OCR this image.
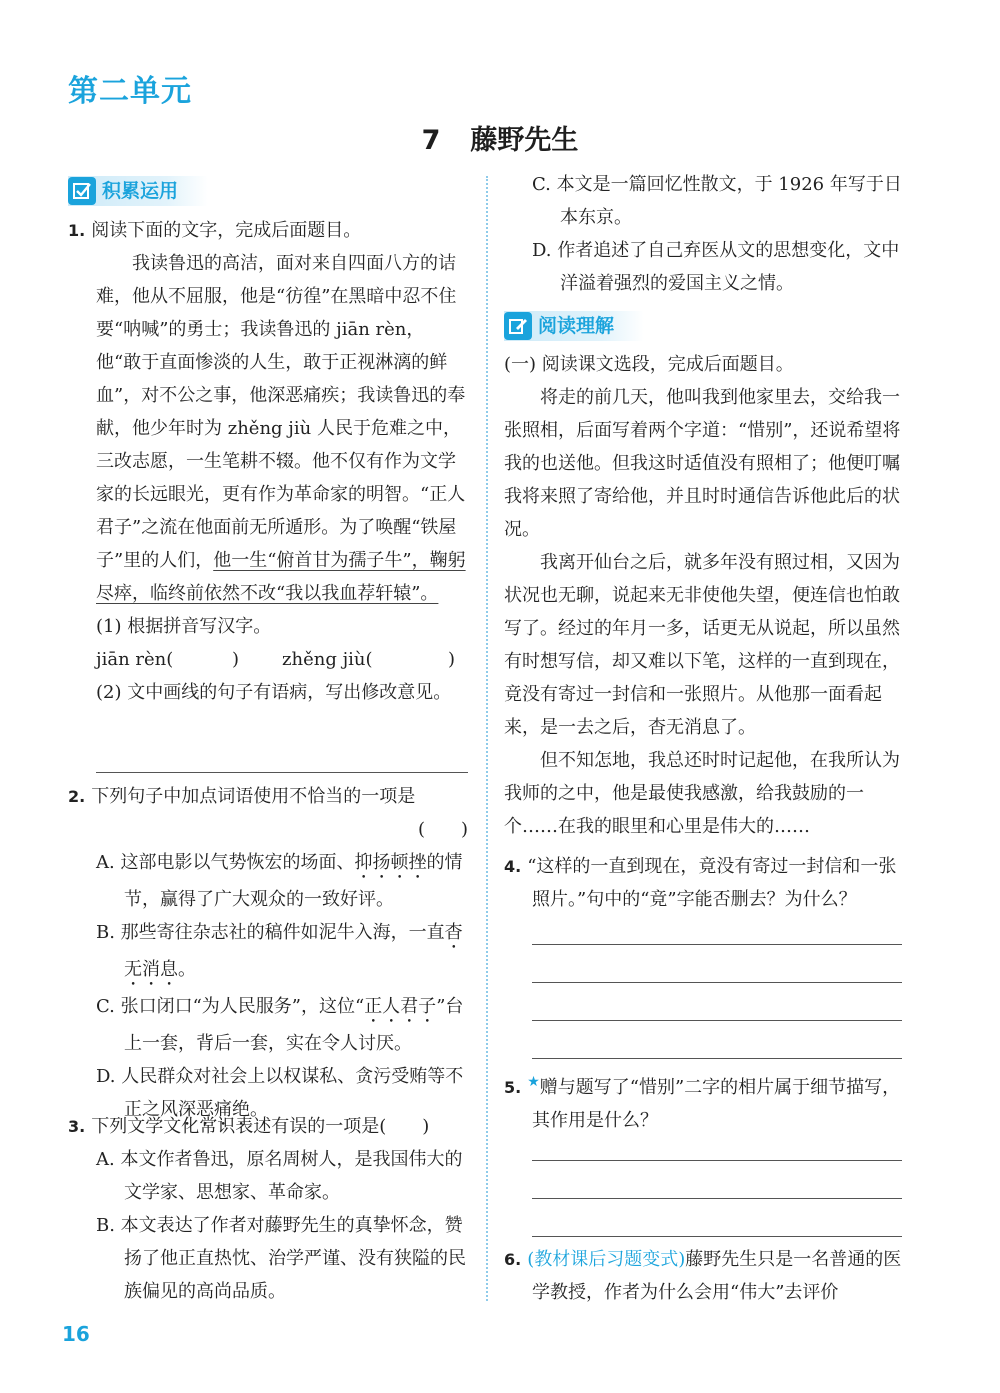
第二单元
7 藤野先生
积累运用
1. 阅读下面的文字，完成后面题目。
我读鲁迅的高洁，面对来自四面八方的诘难，他从不屈服，他是“彷徨”在黑暗中忍不住要“呐喊”的勇士；我读鲁迅的 jiān rèn，他“敢于直面惨淡的人生，敢于正视淋漓的鲜血”，对不公之事，他深恶痛疾；我读鲁迅的奉献，他少年时为 zhěng jiù 人民于危难之中，三改志愿，一生笔耕不辍。他不仅有作为文学家的长远眼光，更有作为革命家的明智。“正人君子”之流在他面前无所遁形。为了唤醒“铁屋子”里的人们，他一生“俯首甘为孺子牛”，鞠躬尽瘁，临终前依然不改“我以我血荐轩辕”。
(1) 根据拼音写汉字。
jiān rèn(	) zhěng jiù(	)
(2) 文中画线的句子有语病，写出修改意见。
2. 下列句子中加点词语使用不恰当的一项是
(　　)
A. 这部电影以气势恢宏的场面、抑扬顿挫的情节，赢得了广大观众的一致好评。
B. 那些寄往杂志社的稿件如泥牛入海，一直杳无消息。
C. 张口闭口“为人民服务”，这位“正人君子”台上一套，背后一套，实在令人讨厌。
D. 人民群众对社会上以权谋私、贪污受贿等不正之风深恶痛绝。
3. 下列文学文化常识表述有误的一项是(　　)
A. 本文作者鲁迅，原名周树人，是我国伟大的文学家、思想家、革命家。
B. 本文表达了作者对藤野先生的真挚怀念，赞扬了他正直热忱、治学严谨、没有狭隘的民族偏见的高尚品质。
C. 本文是一篇回忆性散文，于 1926 年写于日本东京。
D. 作者追述了自己弃医从文的思想变化，文中洋溢着强烈的爱国主义之情。
阅读理解
(一) 阅读课文选段，完成后面题目。
将走的前几天，他叫我到他家里去，交给我一张照相，后面写着两个字道：“惜别”，还说希望将我的也送他。但我这时适值没有照相了；他便叮嘱我将来照了寄给他，并且时时通信告诉他此后的状况。
我离开仙台之后，就多年没有照过相，又因为状况也无聊，说起来无非使他失望，便连信也怕敢写了。经过的年月一多，话更无从说起，所以虽然有时想写信，却又难以下笔，这样的一直到现在，竟没有寄过一封信和一张照片。从他那一面看起来，是一去之后，杳无消息了。
但不知怎地，我总还时时记起他，在我所认为我师的之中，他是最使我感激，给我鼓励的一个……在我的眼里和心里是伟大的……
4. “这样的一直到现在，竟没有寄过一封信和一张照片。”句中的“竟”字能否删去？为什么？
5. ★赠与题写了“惜别”二字的相片属于细节描写，其作用是什么？
6. (教材课后习题变式)藤野先生只是一名普通的医学教授，作者为什么会用“伟大”去评价
16
